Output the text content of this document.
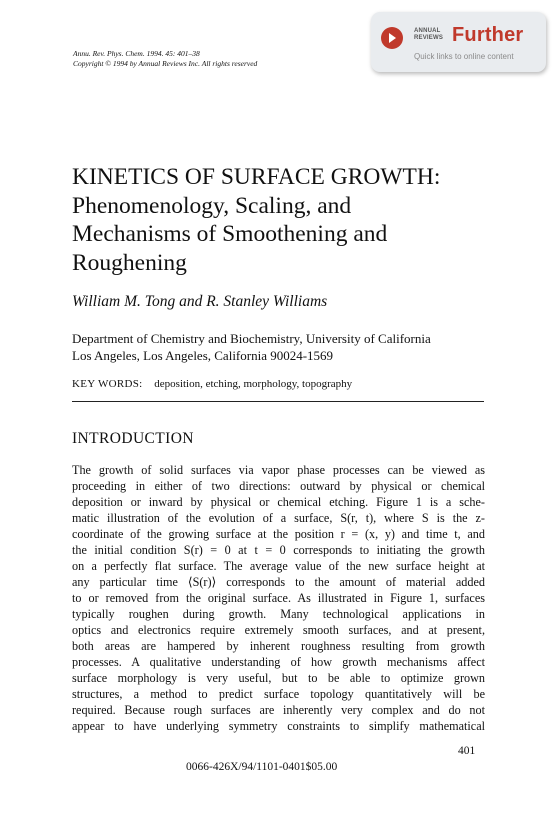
Annu. Rev. Phys. Chem. 1994. 45: 401–38
Copyright © 1994 by Annual Reviews Inc. All rights reserved
ANNUAL
REVIEWS Further
Quick links to online content
KINETICS OF SURFACE GROWTH:
Phenomenology, Scaling, and
Mechanisms of Smoothening and
Roughening
William M. Tong and R. Stanley Williams
Department of Chemistry and Biochemistry, University of California
Los Angeles, Los Angeles, California 90024-1569
KEY WORDS: deposition, etching, morphology, topography
INTRODUCTION
The growth of solid surfaces via vapor phase processes can be viewed as
proceeding in either of two directions: outward by physical or chemical
deposition or inward by physical or chemical etching. Figure 1 is a sche-
matic illustration of the evolution of a surface, S(r, t), where S is the z-
coordinate of the growing surface at the position r = (x, y) and time t, and
the initial condition S(r) = 0 at t = 0 corresponds to initiating the growth
on a perfectly flat surface. The average value of the new surface height at
any particular time ⟨S(r)⟩ corresponds to the amount of material added
to or removed from the original surface. As illustrated in Figure 1, surfaces
typically roughen during growth. Many technological applications in
optics and electronics require extremely smooth surfaces, and at present,
both areas are hampered by inherent roughness resulting from growth
processes. A qualitative understanding of how growth mechanisms affect
surface morphology is very useful, but to be able to optimize grown
structures, a method to predict surface topology quantitatively will be
required. Because rough surfaces are inherently very complex and do not
appear to have underlying symmetry constraints to simplify mathematical
401
0066-426X/94/1101-0401$05.00
